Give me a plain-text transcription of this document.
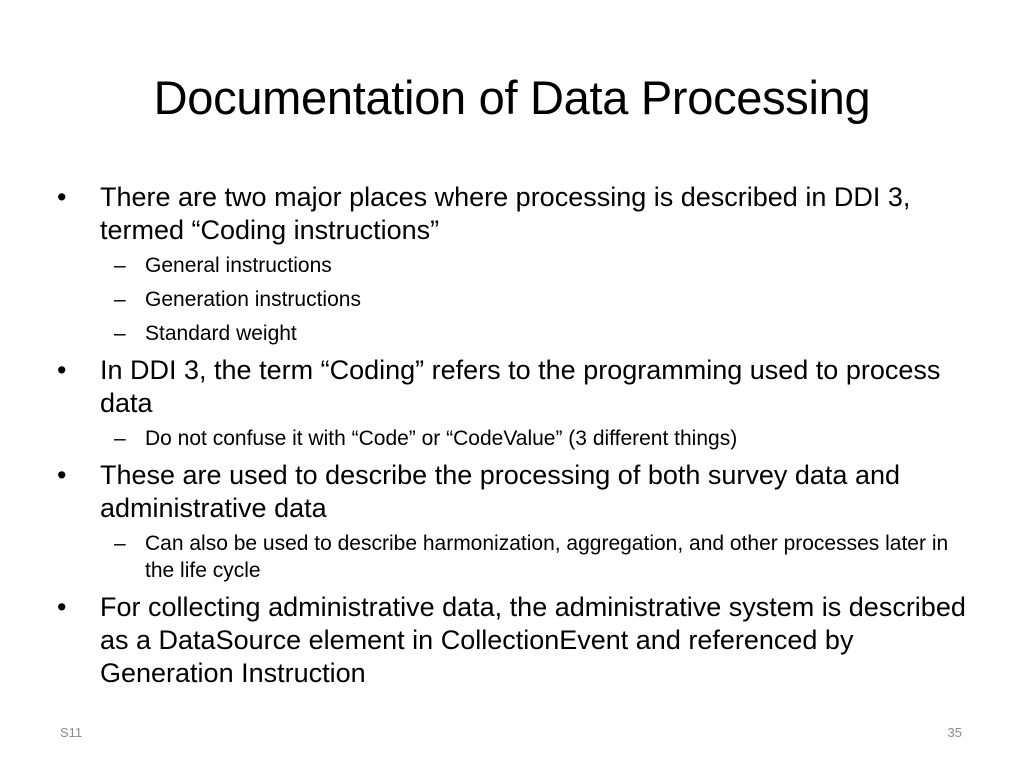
Documentation of Data Processing
•	There are two major places where processing is described in DDI 3, termed “Coding instructions”
– General instructions
– Generation instructions
– Standard weight
•	In DDI 3, the term “Coding” refers to the programming used to process data
– Do not confuse it with “Code” or “CodeValue” (3 different things)
•	These are used to describe the processing of both survey data and administrative data
– Can also be used to describe harmonization, aggregation, and other processes later in the life cycle
•	For collecting administrative data, the administrative system is described as a DataSource element in CollectionEvent and referenced by Generation Instruction
S11	35
